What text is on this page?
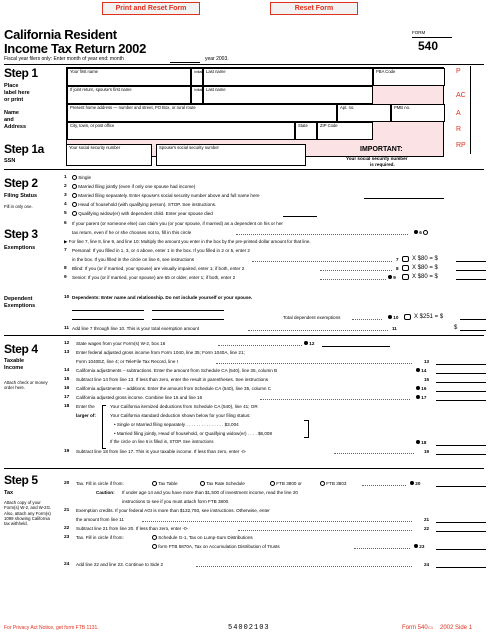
Print and Reset Form	Reset Form
California Resident
Income Tax Return 2002
FORM
540
Fiscal year filers only: Enter month of year end: month	year 2003.
P
AC
A
R
RP
Step 1
Place
label here
or print
Name
and
Address
Your first name	Initial Last name	PBA Code
If joint return, spouse's first name	Initial Last name
Present home address — number and street, PO Box, or rural route	Apt. no.	PMB no.
City, town, or post office	State	ZIP Code
Step 1a
SSN
Your social security number	Spouse's social security number	IMPORTANT:
Your social security number
is required.
Step 2
Filing Status
Fill in only one.
1	Single
2	Married filing jointly (even if only one spouse had income)
3	Married filing separately. Enter spouse's social security number above and full name here
4	Head of household (with qualifying person). STOP. See instructions.
5	Qualifying widow(er) with dependent child. Enter year spouse died
Step 3
Exemptions
6 If your parent (or someone else) can claim you (or your spouse, if married) as a dependent on his or her
tax return, even if he or she chooses not to, fill in this circle	6
▶ For line 7, line 8, line 9, and line 10: Multiply the amount you enter in the box by the pre-printed dollar amount for that line.
7 Personal: If you filled in 1, 3, or 4 above, enter 1 in the box. If you filled in 2 or 5, enter 2
in the box. If you filled in the circle on line 6, see instructions	7 X $80 = $
8 Blind: If you (or if married, your spouse) are visually impaired, enter 1; if both, enter 2	8 X $80 = $
9 Senior: If you (or if married, your spouse) are 65 or older, enter 1; if both, enter 2	9	X $80 = $
Dependent
Exemptions
10 Dependents: Enter name and relationship. Do not include yourself or your spouse.
Total dependent exemptions	10	X $251 = $
11 Add line 7 through line 10. This is your total exemption amount	11	$
Step 4
Taxable
Income
Attach check or money order here.
12 State wages from your Form(s) W-2, box 16	12
13 Enter federal adjusted gross income from Form 1040, line 35; Form 1040A, line 21;
Form 1040EZ, line 4; or TeleFile Tax Record, line I	13
14 California adjustments – subtractions. Enter the amount from Schedule CA (540), line 35, column B	14
15 Subtract line 14 from line 13. If less than zero, enter the result in parentheses. See instructions	15
16 California adjustments – additions. Enter the amount from Schedule CA (540), line 35, column C	16
17 California adjusted gross income. Combine line 15 and line 16	17
18 Enter the
larger of:
Your California itemized deductions from Schedule CA (540), line 41; OR
Your California standard deduction shown below for your filing status:
• Single or Married filing separately . . . . . . . . . . . . . . . $3,004
• Married filing jointly, Head of household, or Qualifying widow(er) . . . . $6,008
If the circle on line 6 is filled in, STOP. See instructions	18
19 Subtract line 18 from line 17. This is your taxable income. If less than zero, enter -0-	19
Step 5
Tax
Attach copy of your Form(s) W-2, and W-2G. Also, attach any Form(s) 1099 showing California tax withheld.
20 Tax. Fill in circle if from:	Tax Table	Tax Rate Schedule	FTB 3800 or	FTB 3803	20
Caution: If under age 14 and you have more than $1,500 of investment income, read the line 20
instructions to see if you must attach form FTB 3800.
21 Exemption credits. If your federal AGI is more than $132,793, see instructions. Otherwise, enter
the amount from line 11	21
22 Subtract line 21 from line 20. If less than zero, enter -0-	22
23 Tax. Fill in circle if from:	Schedule G-1, Tax on Lump-Sum Distributions
form FTB 5870A, Tax on Accumulation Distribution of Trusts	23
24 Add line 22 and line 23. Continue to Side 2	24
For Privacy Act Notice, get form FTB 1131.	54002103	Form 540 C1 2002 Side 1
